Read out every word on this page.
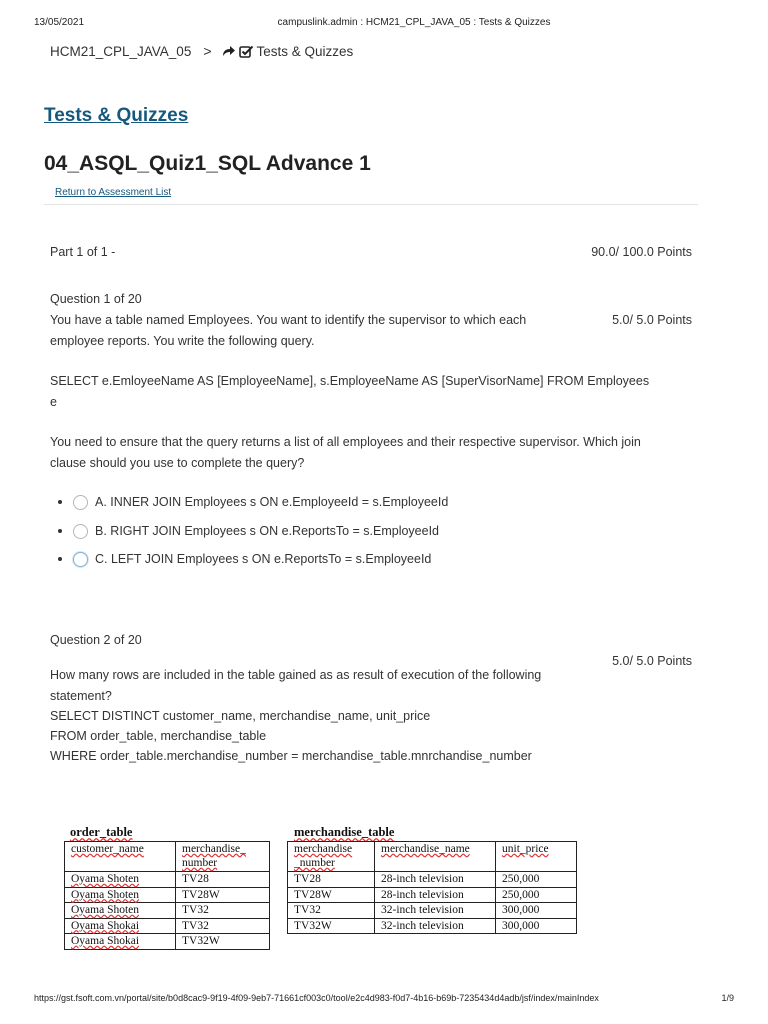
13/05/2021	campuslink.admin : HCM21_CPL_JAVA_05 : Tests & Quizzes
HCM21_CPL_JAVA_05 >	Tests & Quizzes
Tests & Quizzes
04_ASQL_Quiz1_SQL Advance 1
Return to Assessment List
Part 1 of 1 -	90.0/ 100.0 Points
Question 1 of 20
5.0/ 5.0 Points
You have a table named Employees. You want to identify the supervisor to which each
employee reports. You write the following query.
SELECT e.EmloyeeName AS [EmployeeName], s.EmployeeName AS [SuperVisorName] FROM Employees
e
You need to ensure that the query returns a list of all employees and their respective supervisor. Which join
clause should you use to complete the query?
A.
INNER JOIN Employees s ON e.EmployeeId = s.EmployeeId
B.
RIGHT JOIN Employees s ON e.ReportsTo = s.EmployeeId
C.
LEFT JOIN Employees s ON e.ReportsTo = s.EmployeeId
Question 2 of 20
5.0/ 5.0 Points
How many rows are included in the table gained as as result of execution of the following
statement?
SELECT DISTINCT customer_name, merchandise_name, unit_price
FROM order_table, merchandise_table
WHERE order_table.merchandise_number = merchandise_table.mnrchandise_number
order_table
customer_name	merchandise_
number
Oyama Shoten	TV28
Oyama Shoten	TV28W
Oyama Shoten	TV32
Oyama Shokai	TV32
Oyama Shokai	TV32W
merchandise_table
merchandise
_number	merchandise_name	unit_price
TV28	28-inch television	250,000
TV28W	28-inch television	250,000
TV32	32-inch television	300,000
TV32W	32-inch television	300,000
https://gst.fsoft.com.vn/portal/site/b0d8cac9-9f19-4f09-9eb7-71661cf003c0/tool/e2c4d983-f0d7-4b16-b69b-7235434d4adb/jsf/index/mainIndex	1/9
